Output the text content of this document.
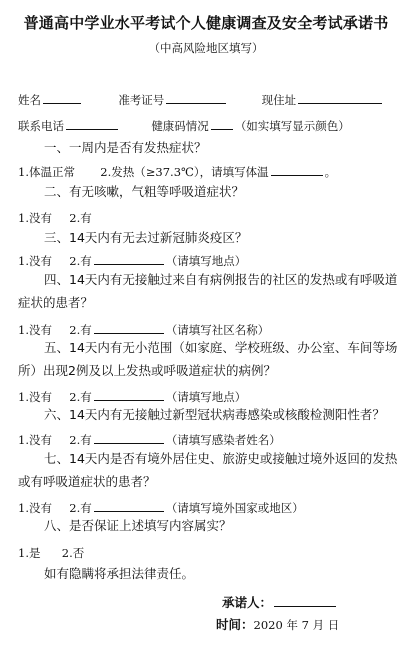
普通高中学业水平考试个人健康调查及安全考试承诺书
（中高风险地区填写）
姓名	准考证号	现住址
联系电话	健康码情况 （如实填写显示颜色）
一、一周内是否有发热症状？
1.体温正常 2.发热（≥37.3℃），请填写体温	。
二、有无咳嗽，气粗等呼吸道症状？
1.没有 2.有
三、14天内有无去过新冠肺炎疫区？
1.没有 2.有	（请填写地点）
四、14天内有无接触过来自有病例报告的社区的发热或有呼吸道症状的患者？
1.没有 2.有	（请填写社区名称）
五、14天内有无小范围（如家庭、学校班级、办公室、车间等场所）出现2例及以上发热或呼吸道症状的病例？
1.没有 2.有	（请填写地点）
六、14天内有无接触过新型冠状病毒感染或核酸检测阳性者？
1.没有 2.有	（请填写感染者姓名）
七、14天内是否有境外居住史、旅游史或接触过境外返回的发热或有呼吸道症状的患者？
1.没有 2.有	（请填写境外国家或地区）
八、是否保证上述填写内容属实？
1.是 2.否
如有隐瞒将承担法律责任。
承诺人：
时间：2020 年 7 月 日
